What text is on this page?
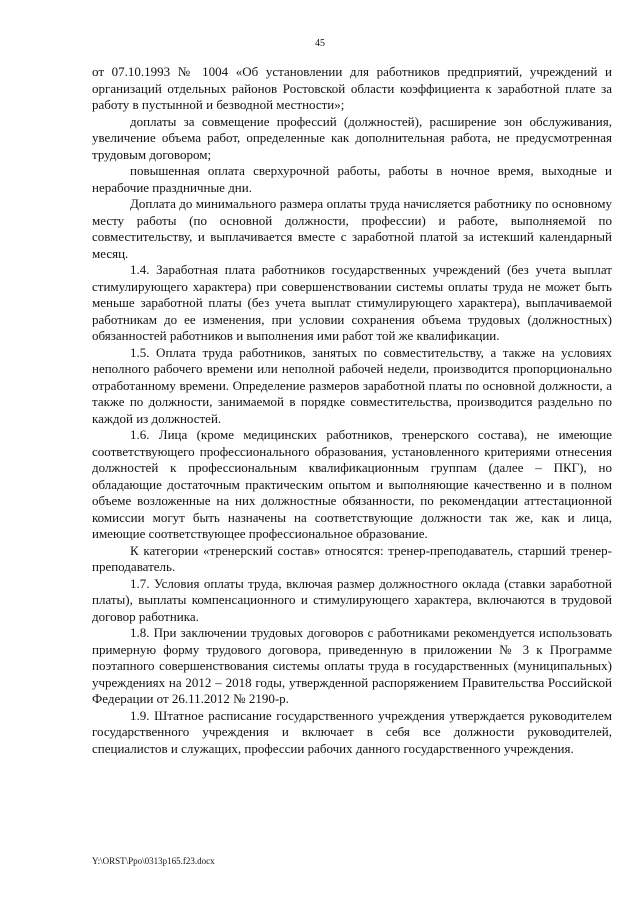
45

от 07.10.1993 № 1004 «Об установлении для работников предприятий, учреждений и организаций отдельных районов Ростовской области коэффициента к заработной плате за работу в пустынной и безводной местности»;

доплаты за совмещение профессий (должностей), расширение зон обслуживания, увеличение объема работ, определенные как дополнительная работа, не предусмотренная трудовым договором;

повышенная оплата сверхурочной работы, работы в ночное время, выходные и нерабочие праздничные дни.

Доплата до минимального размера оплаты труда начисляется работнику по основному месту работы (по основной должности, профессии) и работе, выполняемой по совместительству, и выплачивается вместе с заработной платой за истекший календарный месяц.

1.4. Заработная плата работников государственных учреждений (без учета выплат стимулирующего характера) при совершенствовании системы оплаты труда не может быть меньше заработной платы (без учета выплат стимулирующего характера), выплачиваемой работникам до ее изменения, при условии сохранения объема трудовых (должностных) обязанностей работников и выполнения ими работ той же квалификации.

1.5. Оплата труда работников, занятых по совместительству, а также на условиях неполного рабочего времени или неполной рабочей недели, производится пропорционально отработанному времени. Определение размеров заработной платы по основной должности, а также по должности, занимаемой в порядке совместительства, производится раздельно по каждой из должностей.

1.6. Лица (кроме медицинских работников, тренерского состава), не имеющие соответствующего профессионального образования, установленного критериями отнесения должностей к профессиональным квалификационным группам (далее – ПКГ), но обладающие достаточным практическим опытом и выполняющие качественно и в полном объеме возложенные на них должностные обязанности, по рекомендации аттестационной комиссии могут быть назначены на соответствующие должности так же, как и лица, имеющие соответствующее профессиональное образование.

К категории «тренерский состав» относятся: тренер-преподаватель, старший тренер-преподаватель.

1.7. Условия оплаты труда, включая размер должностного оклада (ставки заработной платы), выплаты компенсационного и стимулирующего характера, включаются в трудовой договор работника.

1.8. При заключении трудовых договоров с работниками рекомендуется использовать примерную форму трудового договора, приведенную в приложении № 3 к Программе поэтапного совершенствования системы оплаты труда в государственных (муниципальных) учреждениях на 2012 – 2018 годы, утвержденной распоряжением Правительства Российской Федерации от 26.11.2012 № 2190-р.

1.9. Штатное расписание государственного учреждения утверждается руководителем государственного учреждения и включает в себя все должности руководителей, специалистов и служащих, профессии рабочих данного государственного учреждения.

Y:\ORST\Ppo\0313p165.f23.docx
